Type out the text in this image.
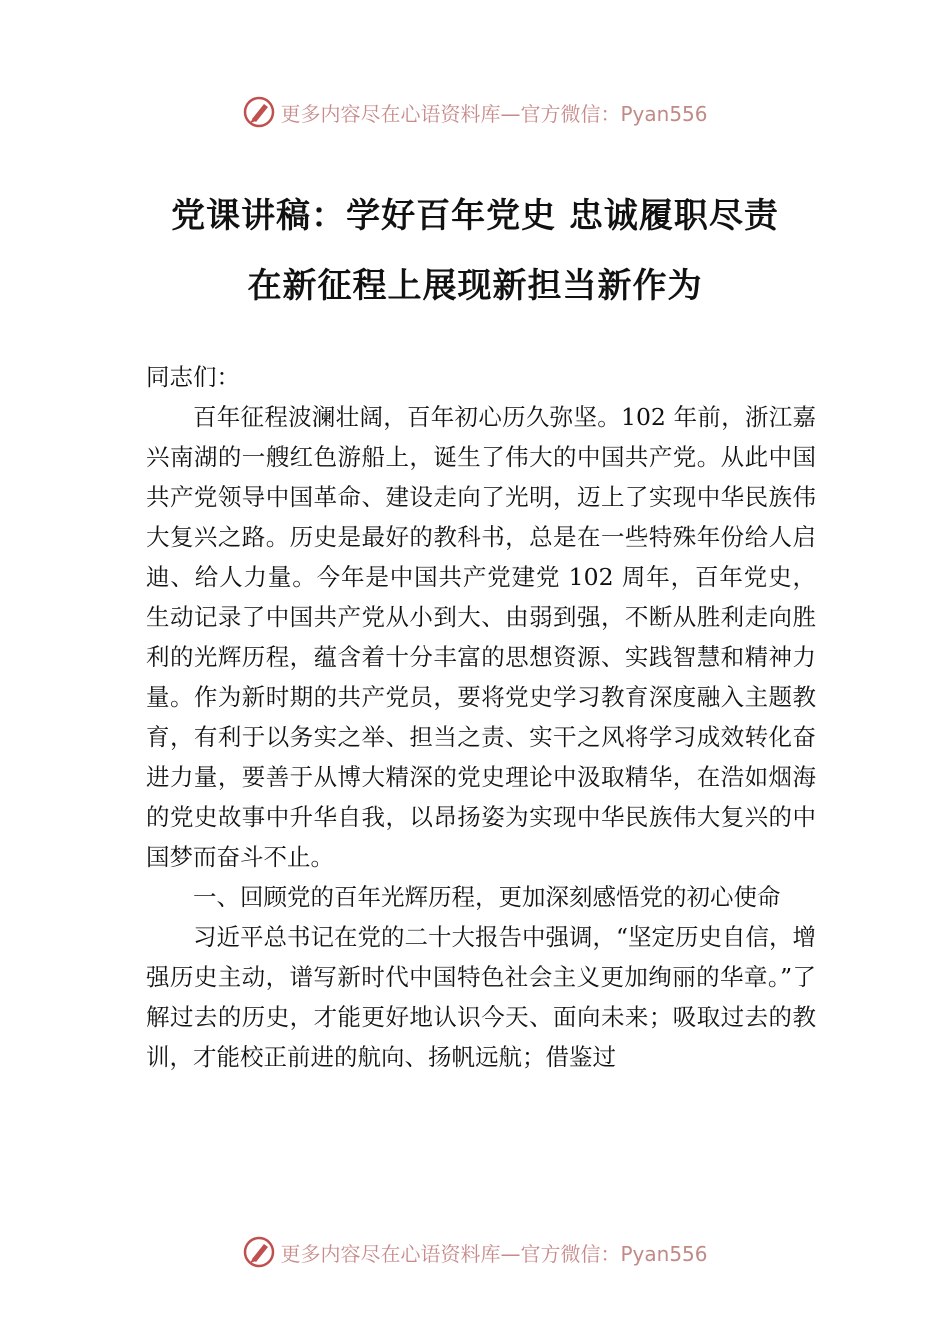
更多内容尽在心语资料库—官方微信：Pyan556
党课讲稿：学好百年党史 忠诚履职尽责
在新征程上展现新担当新作为

同志们：

百年征程波澜壮阔，百年初心历久弥坚。102 年前，浙江嘉兴南湖的一艘红色游船上，诞生了伟大的中国共产党。从此中国共产党领导中国革命、建设走向了光明，迈上了实现中华民族伟大复兴之路。历史是最好的教科书，总是在一些特殊年份给人启迪、给人力量。今年是中国共产党建党 102 周年，百年党史，生动记录了中国共产党从小到大、由弱到强，不断从胜利走向胜利的光辉历程，蕴含着十分丰富的思想资源、实践智慧和精神力量。作为新时期的共产党员，要将党史学习教育深度融入主题教育，有利于以务实之举、担当之责、实干之风将学习成效转化奋进力量，要善于从博大精深的党史理论中汲取精华，在浩如烟海的党史故事中升华自我，以昂扬姿为实现中华民族伟大复兴的中国梦而奋斗不止。

一、回顾党的百年光辉历程，更加深刻感悟党的初心使命

习近平总书记在党的二十大报告中强调，“坚定历史自信，增强历史主动，谱写新时代中国特色社会主义更加绚丽的华章。”了解过去的历史，才能更好地认识今天、面向未来；吸取过去的教训，才能校正前进的航向、扬帆远航；借鉴过

更多内容尽在心语资料库—官方微信：Pyan556
